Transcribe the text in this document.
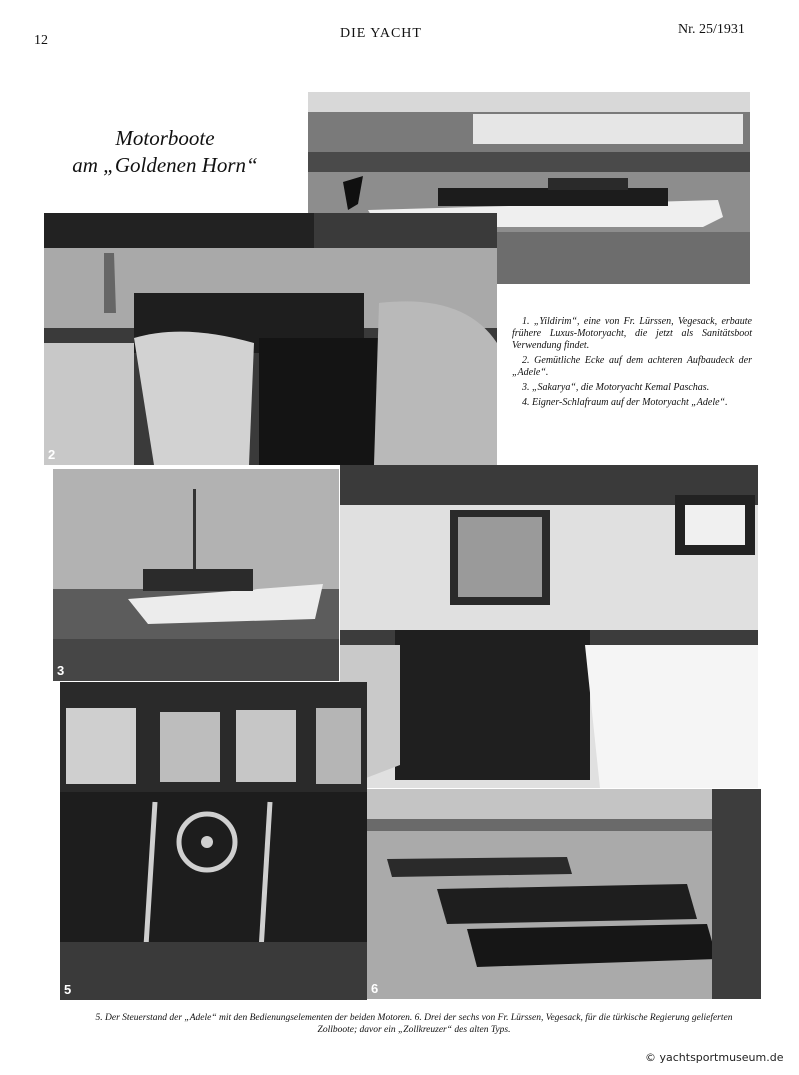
12	DIE YACHT	Nr. 25/1931
Motorboote
am „Goldenen Horn“
2

1. „Yildirim“, eine von Fr. Lürssen, Vegesack, erbaute frühere Luxus-Motoryacht, die jetzt als Sanitätsboot Verwendung findet.

2. Gemütliche Ecke auf dem achteren Aufbaudeck der „Adele“.

3. „Sakarya“, die Motoryacht Kemal Paschas.

4. Eigner-Schlafraum auf der Motoryacht „Adele“.

3
5	6
5. Der Steuerstand der „Adele“ mit den Bedienungselementen der beiden Motoren. 6. Drei der sechs von Fr. Lürssen, Vegesack, für die türkische Regierung gelieferten Zollboote; davor ein „Zollkreuzer“ des alten Typs.
© yachtsportmuseum.de
